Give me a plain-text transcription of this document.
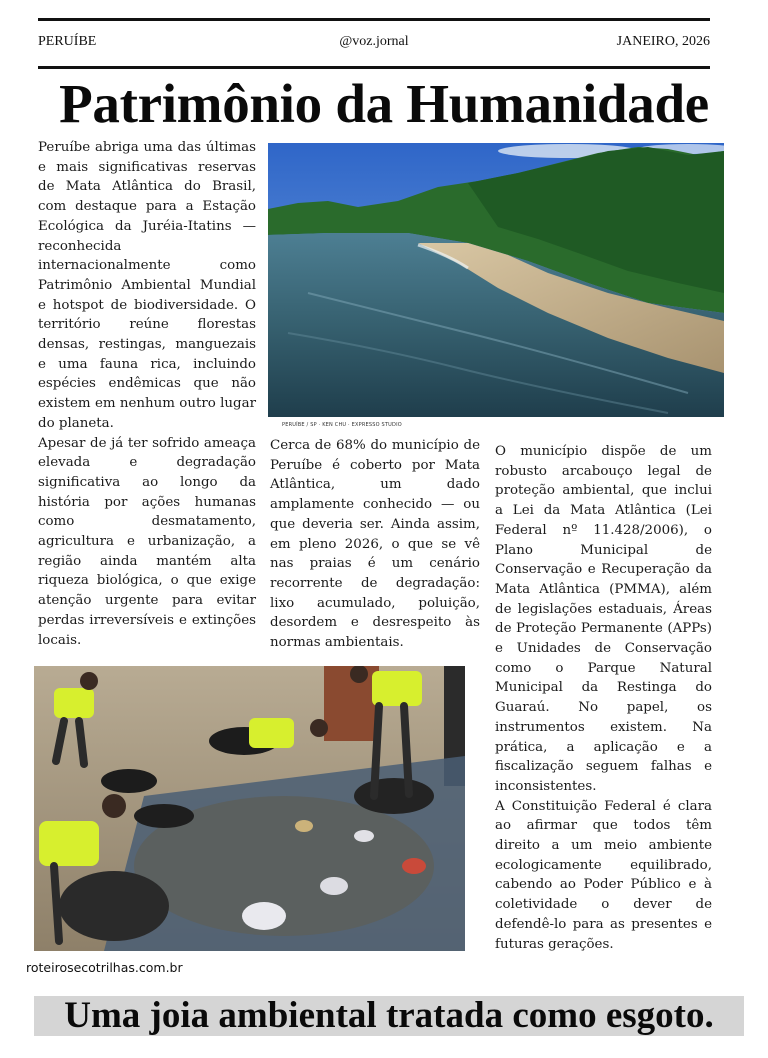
PERUÍBE	@voz.jornal	JANEIRO, 2026
Patrimônio da Humanidade

Peruíbe abriga uma das últimas e mais significativas reservas de Mata Atlântica do Brasil, com destaque para a Estação Ecológica da Juréia-Itatins — reconhecida internacionalmente como Patrimônio Ambiental Mundial e hotspot de biodiversidade. O território reúne florestas densas, restingas, manguezais e uma fauna rica, incluindo espécies endêmicas que não existem em nenhum outro lugar do planeta.

Apesar de já ter sofrido ameaça elevada e degradação significativa ao longo da história por ações humanas como desmatamento, agricultura e urbanização, a região ainda mantém alta riqueza biológica, o que exige atenção urgente para evitar perdas irreversíveis e extinções locais.

PERUÍBE / SP · KEN CHU · EXPRESSO STUDIO

Cerca de 68% do município de Peruíbe é coberto por Mata Atlântica, um dado amplamente conhecido — ou que deveria ser. Ainda assim, em pleno 2026, o que se vê nas praias é um cenário recorrente de degradação: lixo acumulado, poluição, desordem e desrespeito às normas ambientais.

O município dispõe de um robusto arcabouço legal de proteção ambiental, que inclui a Lei da Mata Atlântica (Lei Federal nº 11.428/2006), o Plano Municipal de Conservação e Recuperação da Mata Atlântica (PMMA), além de legislações estaduais, Áreas de Proteção Permanente (APPs) e Unidades de Conservação como o Parque Natural Municipal da Restinga do Guaraú. No papel, os instrumentos existem. Na prática, a aplicação e a fiscalização seguem falhas e inconsistentes.

A Constituição Federal é clara ao afirmar que todos têm direito a um meio ambiente ecologicamente equilibrado, cabendo ao Poder Público e à coletividade o dever de defendê-lo para as presentes e futuras gerações.

roteirosecotrilhas.com.br
Uma joia ambiental tratada como esgoto.
